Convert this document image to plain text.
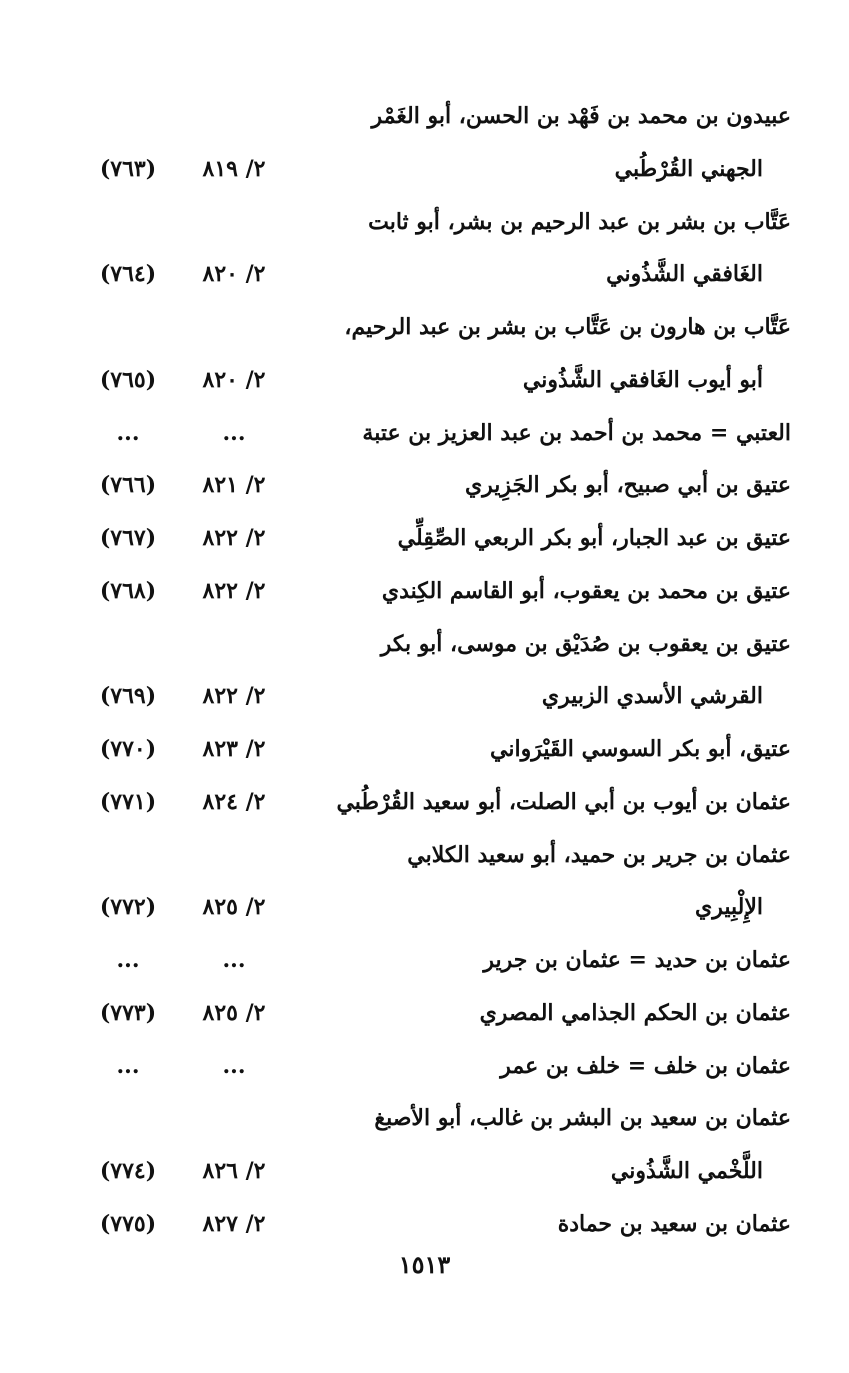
عبيدون بن محمد بن فَهْد بن الحسن، أبو الغَمْر
الجهني القُرْطُبي
٢/ ٨١٩
(٧٦٣)
عَتَّاب بن بشر بن عبد الرحيم بن بشر، أبو ثابت
الغَافقي الشَّذُوني
٢/ ٨٢٠
(٧٦٤)
عَتَّاب بن هارون بن عَتَّاب بن بشر بن عبد الرحيم،
أبو أيوب الغَافقي الشَّذُوني
٢/ ٨٢٠
(٧٦٥)
العتبي = محمد بن أحمد بن عبد العزيز بن عتبة
...
...
عتيق بن أبي صبيح، أبو بكر الجَزِيري
٢/ ٨٢١
(٧٦٦)
عتيق بن عبد الجبار، أبو بكر الربعي الصِّقِلِّي
٢/ ٨٢٢
(٧٦٧)
عتيق بن محمد بن يعقوب، أبو القاسم الكِندي
٢/ ٨٢٢
(٧٦٨)
عتيق بن يعقوب بن صُدَيْق بن موسى، أبو بكر
القرشي الأسدي الزبيري
٢/ ٨٢٢
(٧٦٩)
عتيق، أبو بكر السوسي القَيْرَواني
٢/ ٨٢٣
(٧٧٠)
عثمان بن أيوب بن أبي الصلت، أبو سعيد القُرْطُبي
٢/ ٨٢٤
(٧٧١)
عثمان بن جرير بن حميد، أبو سعيد الكلابي
الإِلْبِيري
٢/ ٨٢٥
(٧٧٢)
عثمان بن حديد = عثمان بن جرير
...
...
عثمان بن الحكم الجذامي المصري
٢/ ٨٢٥
(٧٧٣)
عثمان بن خلف = خلف بن عمر
...
...
عثمان بن سعيد بن البشر بن غالب، أبو الأصبغ
اللَّخْمي الشَّذُوني
٢/ ٨٢٦
(٧٧٤)
عثمان بن سعيد بن حمادة
٢/ ٨٢٧
(٧٧٥)
١٥١٣
